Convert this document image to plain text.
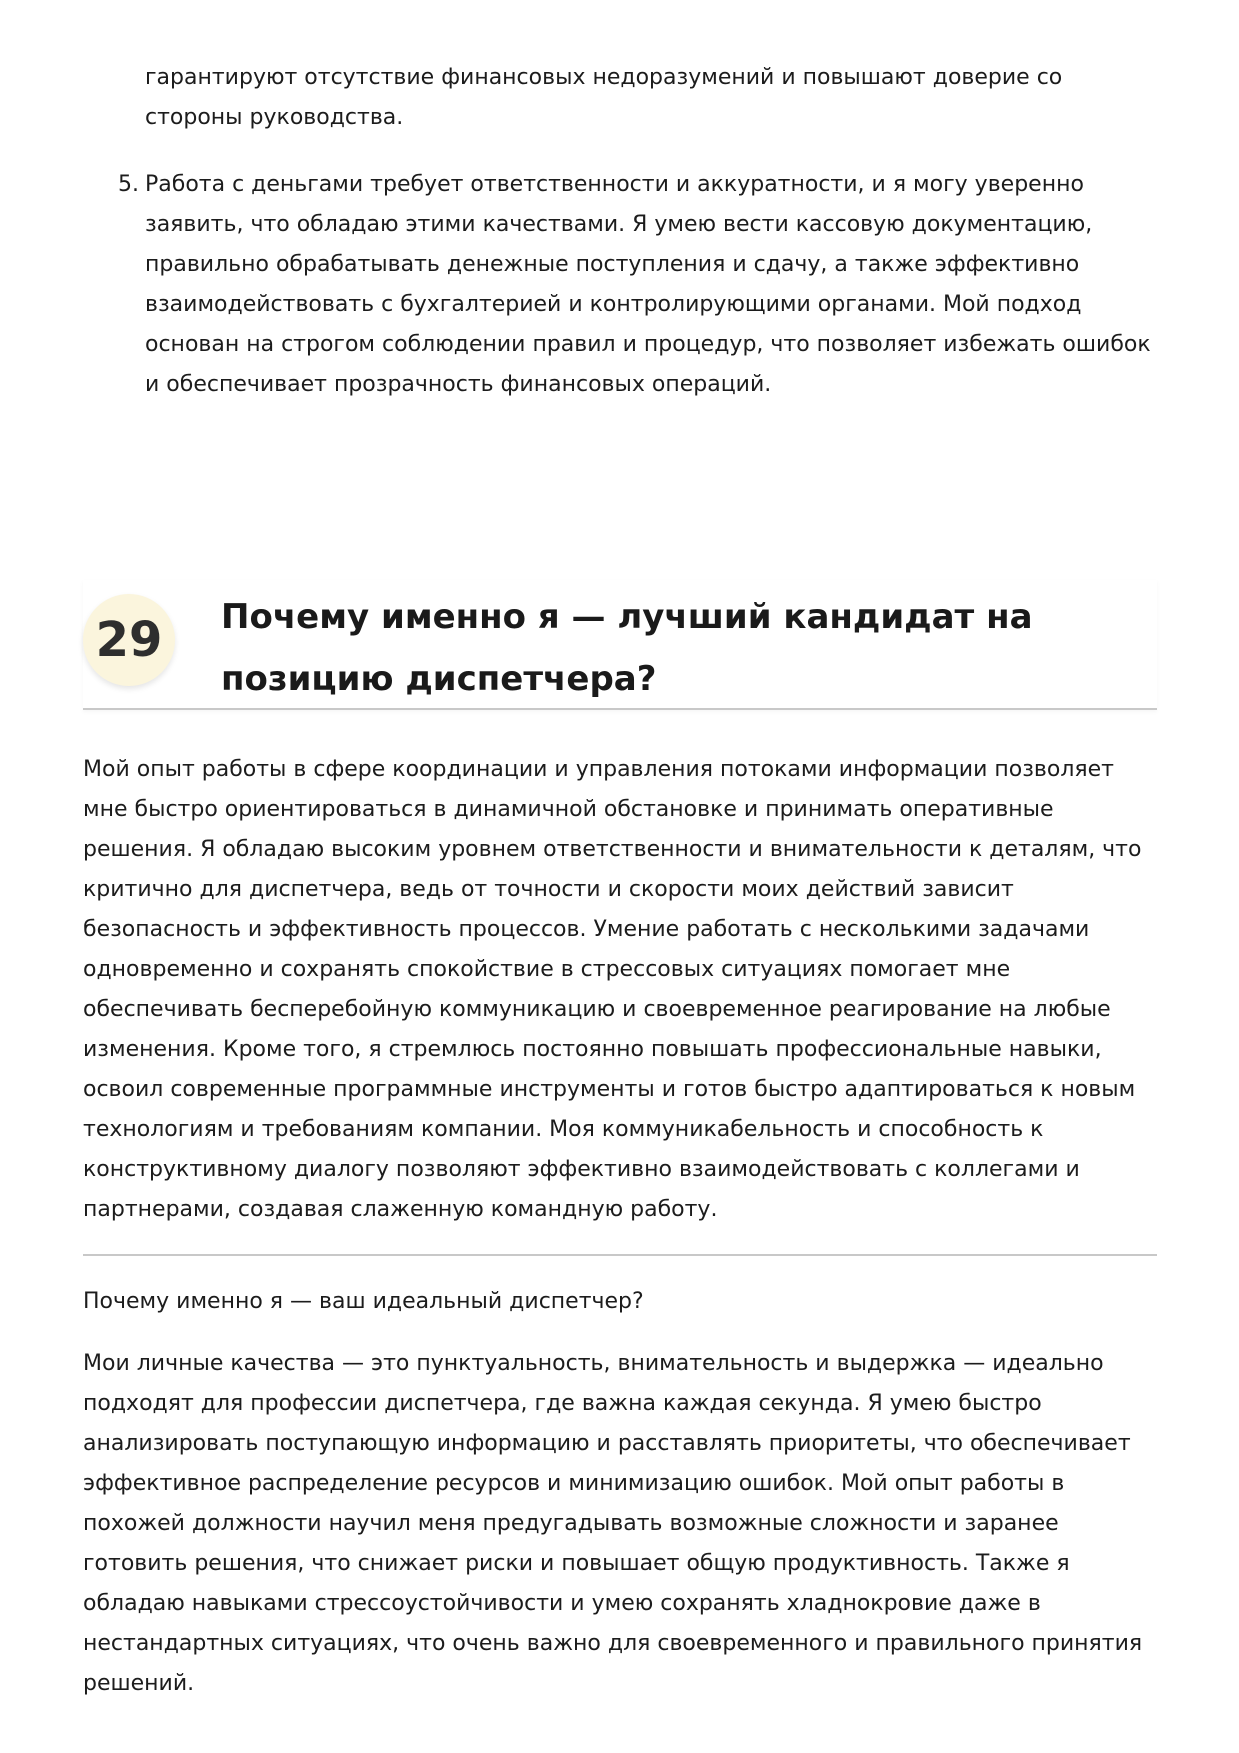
гарантируют отсутствие финансовых недоразумений и повышают доверие со стороны руководства.

5. Работа с деньгами требует ответственности и аккуратности, и я могу уверенно заявить, что обладаю этими качествами. Я умею вести кассовую документацию, правильно обрабатывать денежные поступления и сдачу, а также эффективно взаимодействовать с бухгалтерией и контролирующими органами. Мой подход основан на строгом соблюдении правил и процедур, что позволяет избежать ошибок и обеспечивает прозрачность финансовых операций.

29	Почему именно я — лучший кандидат на позицию диспетчера?

Мой опыт работы в сфере координации и управления потоками информации позволяет мне быстро ориентироваться в динамичной обстановке и принимать оперативные решения. Я обладаю высоким уровнем ответственности и внимательности к деталям, что критично для диспетчера, ведь от точности и скорости моих действий зависит безопасность и эффективность процессов. Умение работать с несколькими задачами одновременно и сохранять спокойствие в стрессовых ситуациях помогает мне обеспечивать бесперебойную коммуникацию и своевременное реагирование на любые изменения. Кроме того, я стремлюсь постоянно повышать профессиональные навыки, освоил современные программные инструменты и готов быстро адаптироваться к новым технологиям и требованиям компании. Моя коммуникабельность и способность к конструктивному диалогу позволяют эффективно взаимодействовать с коллегами и партнерами, создавая слаженную командную работу.

Почему именно я — ваш идеальный диспетчер?

Мои личные качества — это пунктуальность, внимательность и выдержка — идеально подходят для профессии диспетчера, где важна каждая секунда. Я умею быстро анализировать поступающую информацию и расставлять приоритеты, что обеспечивает эффективное распределение ресурсов и минимизацию ошибок. Мой опыт работы в похожей должности научил меня предугадывать возможные сложности и заранее готовить решения, что снижает риски и повышает общую продуктивность. Также я обладаю навыками стрессоустойчивости и умею сохранять хладнокровие даже в нестандартных ситуациях, что очень важно для своевременного и правильного принятия решений.
